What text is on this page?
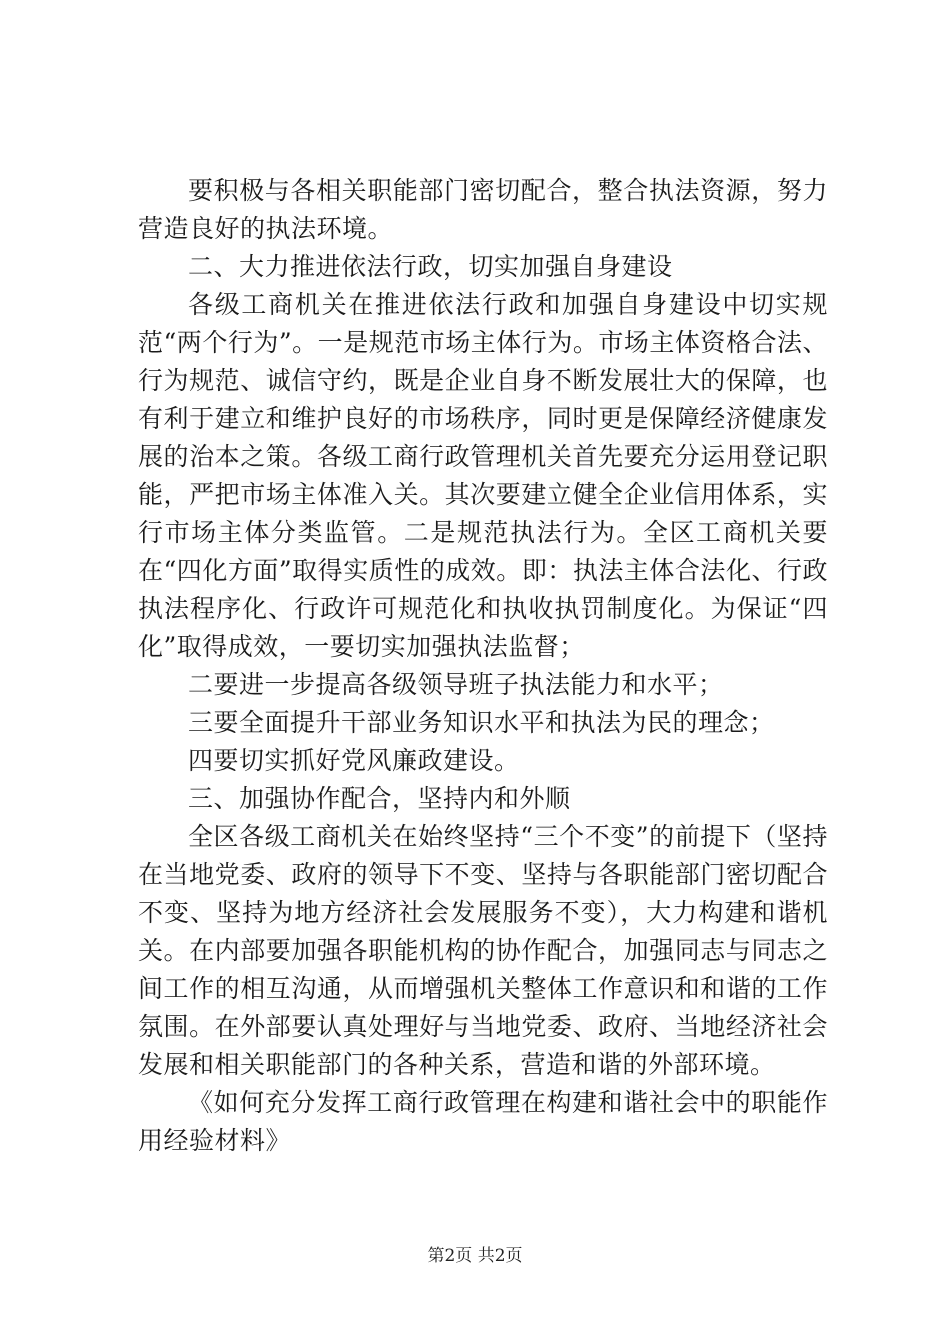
要积极与各相关职能部门密切配合，整合执法资源，努力营造良好的执法环境。

二、大力推进依法行政，切实加强自身建设

各级工商机关在推进依法行政和加强自身建设中切实规范“两个行为”。一是规范市场主体行为。市场主体资格合法、行为规范、诚信守约，既是企业自身不断发展壮大的保障，也有利于建立和维护良好的市场秩序，同时更是保障经济健康发展的治本之策。各级工商行政管理机关首先要充分运用登记职能，严把市场主体准入关。其次要建立健全企业信用体系，实行市场主体分类监管。二是规范执法行为。全区工商机关要在“四化方面”取得实质性的成效。即：执法主体合法化、行政执法程序化、行政许可规范化和执收执罚制度化。为保证“四化”取得成效，一要切实加强执法监督；

二要进一步提高各级领导班子执法能力和水平；

三要全面提升干部业务知识水平和执法为民的理念；

四要切实抓好党风廉政建设。

三、加强协作配合，坚持内和外顺

全区各级工商机关在始终坚持“三个不变”的前提下（坚持在当地党委、政府的领导下不变、坚持与各职能部门密切配合不变、坚持为地方经济社会发展服务不变），大力构建和谐机关。在内部要加强各职能机构的协作配合，加强同志与同志之间工作的相互沟通，从而增强机关整体工作意识和和谐的工作氛围。在外部要认真处理好与当地党委、政府、当地经济社会发展和相关职能部门的各种关系，营造和谐的外部环境。

《如何充分发挥工商行政管理在构建和谐社会中的职能作用经验材料》

第2页 共2页
